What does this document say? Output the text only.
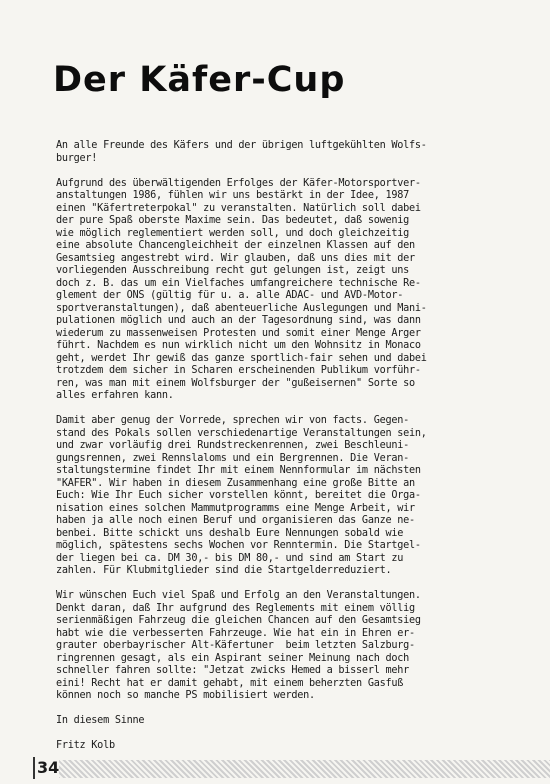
Der Käfer-Cup
An alle Freunde des Käfers und der übrigen luftgekühlten Wolfs-
burger!
Aufgrund des überwältigenden Erfolges der Käfer-Motorsportver-
anstaltungen 1986, fühlen wir uns bestärkt in der Idee, 1987
einen "Käfertreterpokal" zu veranstalten. Natürlich soll dabei
der pure Spaß oberste Maxime sein. Das bedeutet, daß sowenig
wie möglich reglementiert werden soll, und doch gleichzeitig
eine absolute Chancengleichheit der einzelnen Klassen auf den
Gesamtsieg angestrebt wird. Wir glauben, daß uns dies mit der
vorliegenden Ausschreibung recht gut gelungen ist, zeigt uns
doch z. B. das um ein Vielfaches umfangreichere technische Re-
glement der ONS (gültig für u. a. alle ADAC- und AVD-Motor-
sportveranstaltungen), daß abenteuerliche Auslegungen und Mani-
pulationen möglich und auch an der Tagesordnung sind, was dann
wiederum zu massenweisen Protesten und somit einer Menge Ärger
führt. Nachdem es nun wirklich nicht um den Wohnsitz in Monaco
geht, werdet Ihr gewiß das ganze sportlich-fair sehen und dabei
trotzdem dem sicher in Scharen erscheinenden Publikum vorführ-
ren, was man mit einem Wolfsburger der "gußeisernen" Sorte so
alles erfahren kann.
Damit aber genug der Vorrede, sprechen wir von facts. Gegen-
stand des Pokals sollen verschiedenartige Veranstaltungen sein,
und zwar vorläufig drei Rundstreckenrennen, zwei Beschleuni-
gungsrennen, zwei Rennslaloms und ein Bergrennen. Die Veran-
staltungstermine findet Ihr mit einem Nennformular im nächsten
"KÄFER". Wir haben in diesem Zusammenhang eine große Bitte an
Euch: Wie Ihr Euch sicher vorstellen könnt, bereitet die Orga-
nisation eines solchen Mammutprogramms eine Menge Arbeit, wir
haben ja alle noch einen Beruf und organisieren das Ganze ne-
benbei. Bitte schickt uns deshalb Eure Nennungen sobald wie
möglich, spätestens sechs Wochen vor Renntermin. Die Startgel-
der liegen bei ca. DM 30,- bis DM 80,- und sind am Start zu
zahlen. Für Klubmitglieder sind die Startgelderreduziert.
Wir wünschen Euch viel Spaß und Erfolg an den Veranstaltungen.
Denkt daran, daß Ihr aufgrund des Reglements mit einem völlig
serienmäßigen Fahrzeug die gleichen Chancen auf den Gesamtsieg
habt wie die verbesserten Fahrzeuge. Wie hat ein in Ehren er-
grauter oberbayrischer Alt-Käfertuner  beim letzten Salzburg-
ringrennen gesagt, als ein Aspirant seiner Meinung nach doch
schneller fahren sollte: "Jetzat zwicks Hemed a bisserl mehr
eini! Recht hat er damit gehabt, mit einem beherzten Gasfuß
können noch so manche PS mobilisiert werden.
In diesem Sinne
Fritz Kolb
34
